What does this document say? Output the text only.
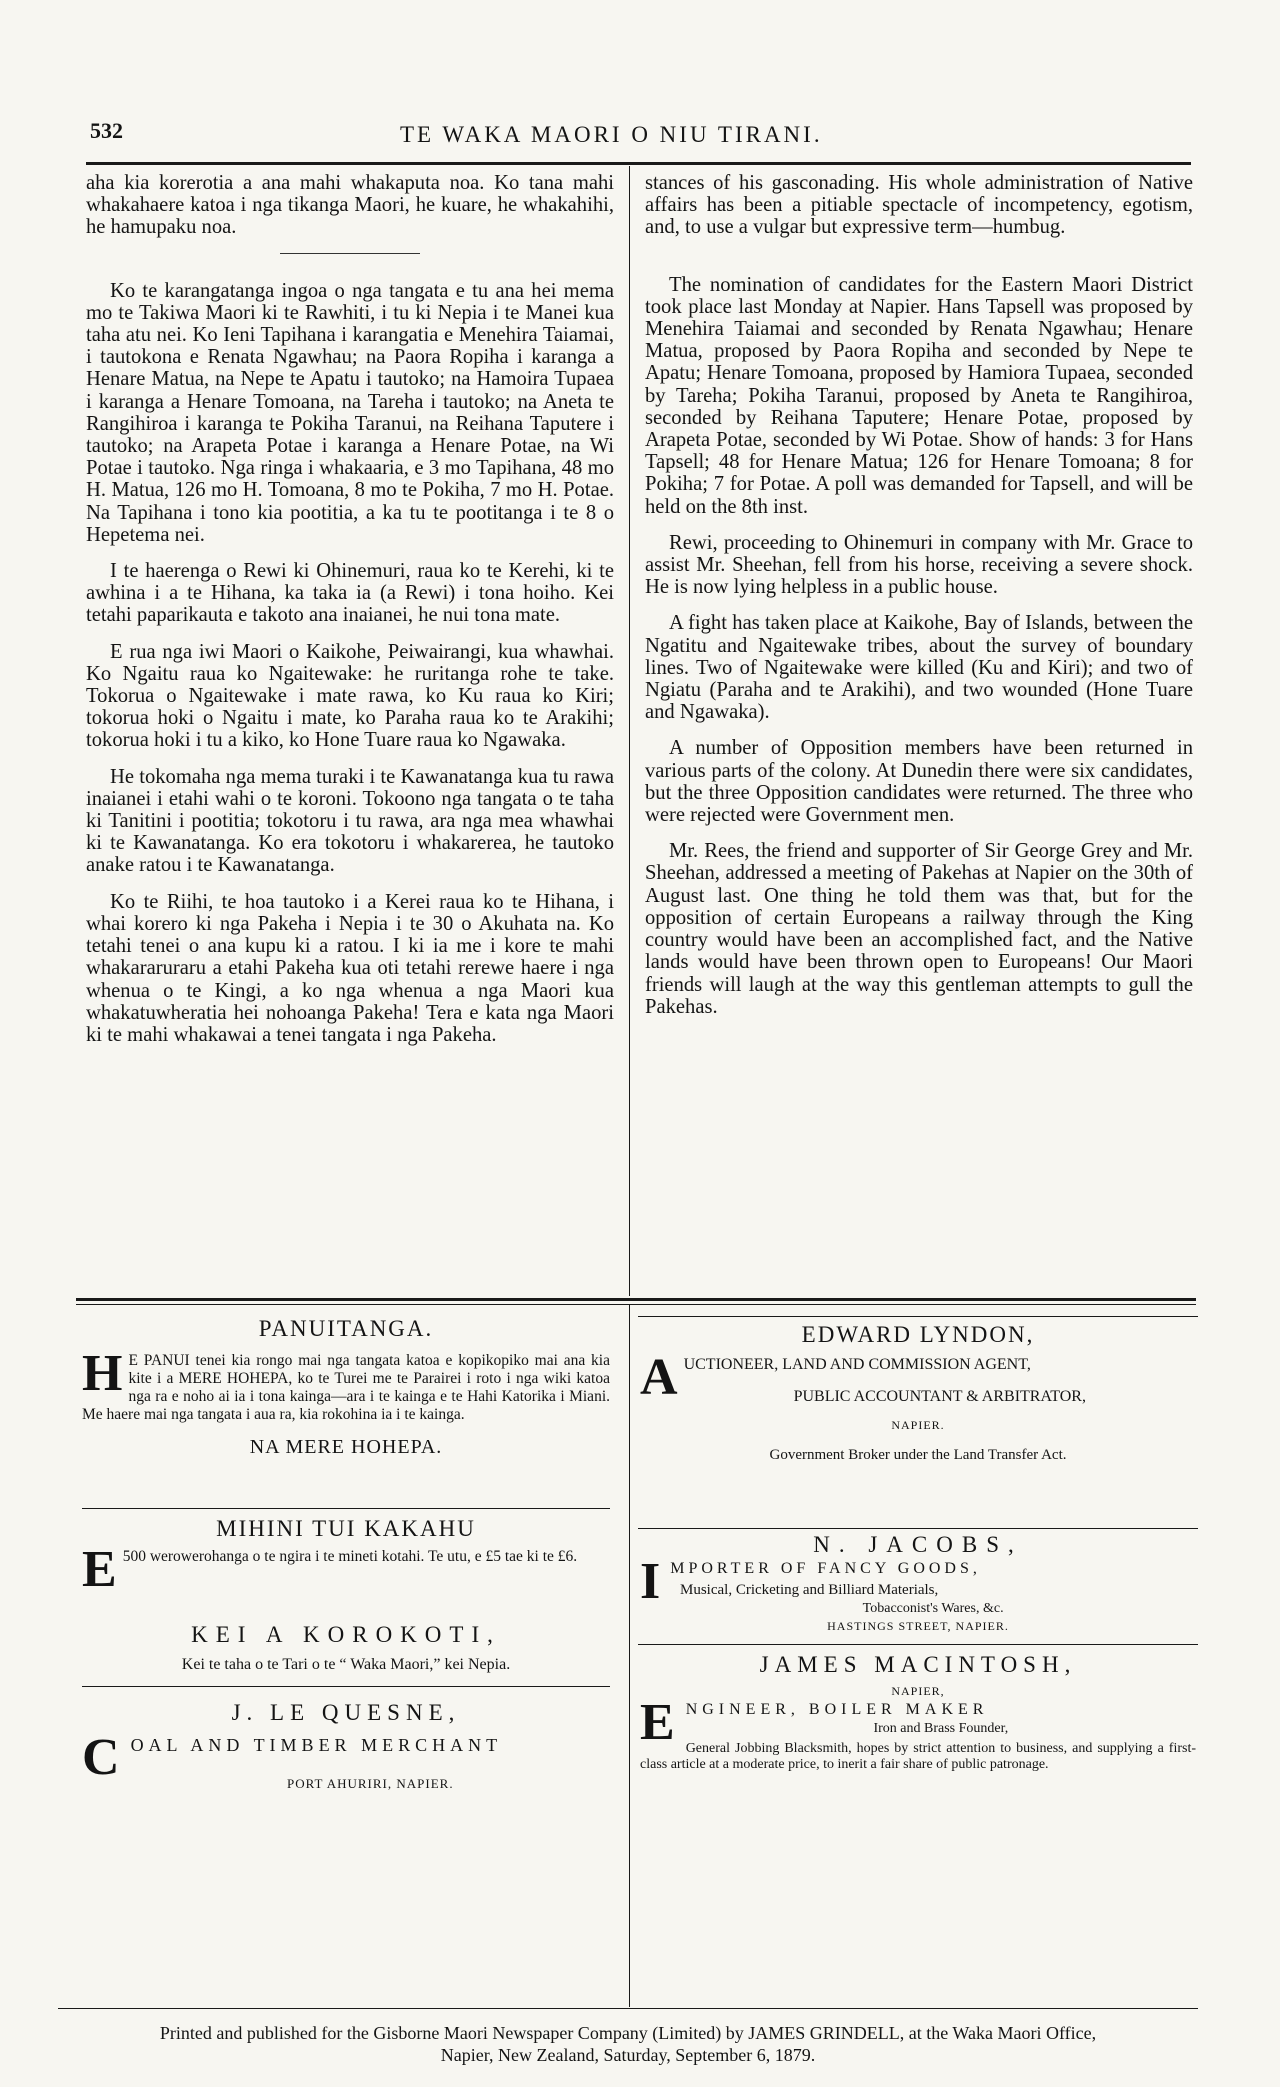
532	TE WAKA MAORI O NIU TIRANI.

aha kia korerotia a ana mahi whakaputa noa. Ko tana mahi whakahaere katoa i nga tikanga Maori, he kuare, he whakahihi, he hamupaku noa.

Ko te karangatanga ingoa o nga tangata e tu ana hei mema mo te Takiwa Maori ki te Rawhiti, i tu ki Nepia i te Manei kua taha atu nei. Ko Ieni Tapihana i karangatia e Menehira Taiamai, i tautokona e Renata Ngawhau; na Paora Ropiha i karanga a Henare Matua, na Nepe te Apatu i tautoko; na Hamoira Tupaea i karanga a Henare Tomoana, na Tareha i tautoko; na Aneta te Rangihiroa i karanga te Pokiha Taranui, na Reihana Taputere i tautoko; na Arapeta Potae i karanga a Henare Potae, na Wi Potae i tautoko. Nga ringa i whakaaria, e 3 mo Tapihana, 48 mo H. Matua, 126 mo H. Tomoana, 8 mo te Pokiha, 7 mo H. Potae. Na Tapihana i tono kia pootitia, a ka tu te pootitanga i te 8 o Hepetema nei.

I te haerenga o Rewi ki Ohinemuri, raua ko te Kerehi, ki te awhina i a te Hihana, ka taka ia (a Rewi) i tona hoiho. Kei tetahi paparikauta e takoto ana inaianei, he nui tona mate.

E rua nga iwi Maori o Kaikohe, Peiwairangi, kua whawhai. Ko Ngaitu raua ko Ngaitewake: he ruritanga rohe te take. Tokorua o Ngaitewake i mate rawa, ko Ku raua ko Kiri; tokorua hoki o Ngaitu i mate, ko Paraha raua ko te Arakihi; tokorua hoki i tu a kiko, ko Hone Tuare raua ko Ngawaka.

He tokomaha nga mema turaki i te Kawanatanga kua tu rawa inaianei i etahi wahi o te koroni. Tokoono nga tangata o te taha ki Tanitini i pootitia; tokotoru i tu rawa, ara nga mea whawhai ki te Kawanatanga. Ko era tokotoru i whakarerea, he tautoko anake ratou i te Kawanatanga.

Ko te Riihi, te hoa tautoko i a Kerei raua ko te Hihana, i whai korero ki nga Pakeha i Nepia i te 30 o Akuhata na. Ko tetahi tenei o ana kupu ki a ratou. I ki ia me i kore te mahi whakararuraru a etahi Pakeha kua oti tetahi rerewe haere i nga whenua o te Kingi, a ko nga whenua a nga Maori kua whakatuwheratia hei nohoanga Pakeha! Tera e kata nga Maori ki te mahi whakawai a tenei tangata i nga Pakeha.

stances of his gasconading. His whole administration of Native affairs has been a pitiable spectacle of incompetency, egotism, and, to use a vulgar but expressive term—humbug.

The nomination of candidates for the Eastern Maori District took place last Monday at Napier. Hans Tapsell was proposed by Menehira Taiamai and seconded by Renata Ngawhau; Henare Matua, proposed by Paora Ropiha and seconded by Nepe te Apatu; Henare Tomoana, proposed by Hamiora Tupaea, seconded by Tareha; Pokiha Taranui, proposed by Aneta te Rangihiroa, seconded by Reihana Taputere; Henare Potae, proposed by Arapeta Potae, seconded by Wi Potae. Show of hands: 3 for Hans Tapsell; 48 for Henare Matua; 126 for Henare Tomoana; 8 for Pokiha; 7 for Potae. A poll was demanded for Tapsell, and will be held on the 8th inst.

Rewi, proceeding to Ohinemuri in company with Mr. Grace to assist Mr. Sheehan, fell from his horse, receiving a severe shock. He is now lying helpless in a public house.

A fight has taken place at Kaikohe, Bay of Islands, between the Ngatitu and Ngaitewake tribes, about the survey of boundary lines. Two of Ngaitewake were killed (Ku and Kiri); and two of Ngiatu (Paraha and te Arakihi), and two wounded (Hone Tuare and Ngawaka).

A number of Opposition members have been returned in various parts of the colony. At Dunedin there were six candidates, but the three Opposition candidates were returned. The three who were rejected were Government men.

Mr. Rees, the friend and supporter of Sir George Grey and Mr. Sheehan, addressed a meeting of Pakehas at Napier on the 30th of August last. One thing he told them was that, but for the opposition of certain Europeans a railway through the King country would have been an accomplished fact, and the Native lands would have been thrown open to Europeans! Our Maori friends will laugh at the way this gentleman attempts to gull the Pakehas.

PANUITANGA.
H E PANUI tenei kia rongo mai nga tangata katoa e kopikopiko mai ana kia kite i a MERE HOHEPA, ko te Turei me te Parairei i roto i nga wiki katoa nga ra e noho ai ia i tona kainga—ara i te kainga e te Hahi Katorika i Miani. Me haere mai nga tangata i aua ra, kia rokohina ia i te kainga.
NA MERE HOHEPA.
MIHINI TUI KAKAHU
E 500 werowerohanga o te ngira i te mineti kotahi. Te utu, e £5 tae ki te £6.
KEI A KOROKOTI,
Kei te taha o te Tari o te “ Waka Maori,” kei Nepia.
J. LE QUESNE,
C OAL AND TIMBER MERCHANT
PORT AHURIRI, NAPIER.
EDWARD LYNDON,
A UCTIONEER, LAND AND COMMISSION AGENT,
PUBLIC ACCOUNTANT & ARBITRATOR,
NAPIER.
Government Broker under the Land Transfer Act.
N. JACOBS,
I MPORTER OF FANCY GOODS,
Musical, Cricketing and Billiard Materials,
Tobacconist's Wares, &c.
HASTINGS STREET, NAPIER.
JAMES MACINTOSH,
NAPIER,
E NGINEER, BOILER MAKER
Iron and Brass Founder,
General Jobbing Blacksmith, hopes by strict attention to business, and supplying a first-class article at a moderate price, to inerit a fair share of public patronage.
Printed and published for the Gisborne Maori Newspaper Company (Limited) by JAMES GRINDELL, at the Waka Maori Office,
Napier, New Zealand, Saturday, September 6, 1879.
